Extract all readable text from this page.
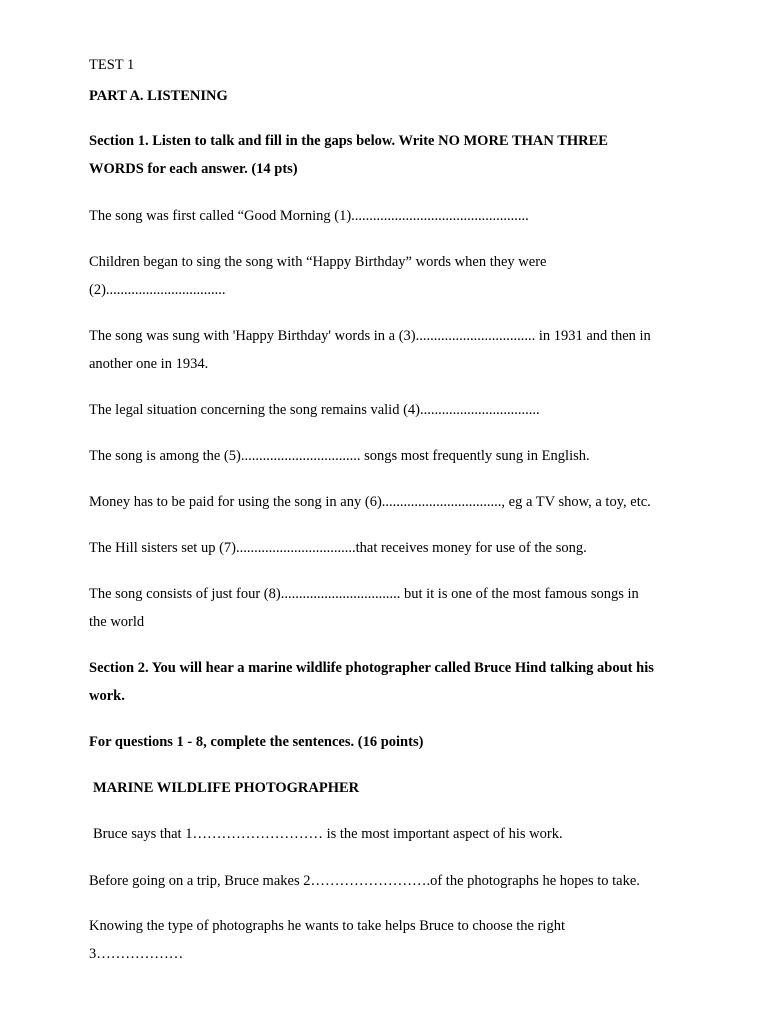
TEST 1
PART A. LISTENING
Section 1. Listen to talk and fill in the gaps below. Write NO MORE THAN THREE
WORDS for each answer. (14 pts)
The song was first called “Good Morning (1).................................................
Children began to sing the song with “Happy Birthday” words when they were
(2).................................
The song was sung with 'Happy Birthday' words in a (3)................................. in 1931 and then in
another one in 1934.
The legal situation concerning the song remains valid (4).................................
The song is among the (5)................................. songs most frequently sung in English.
Money has to be paid for using the song in any (6)................................., eg a TV show, a toy, etc.
The Hill sisters set up (7).................................that receives money for use of the song.
The song consists of just four (8)................................. but it is one of the most famous songs in
the world
Section 2. You will hear a marine wildlife photographer called Bruce Hind talking about his
work.
For questions 1 - 8, complete the sentences. (16 points)
MARINE WILDLIFE PHOTOGRAPHER
Bruce says that 1……………………… is the most important aspect of his work.
Before going on a trip, Bruce makes 2…………………….of the photographs he hopes to take.
Knowing the type of photographs he wants to take helps Bruce to choose the right
3………………
